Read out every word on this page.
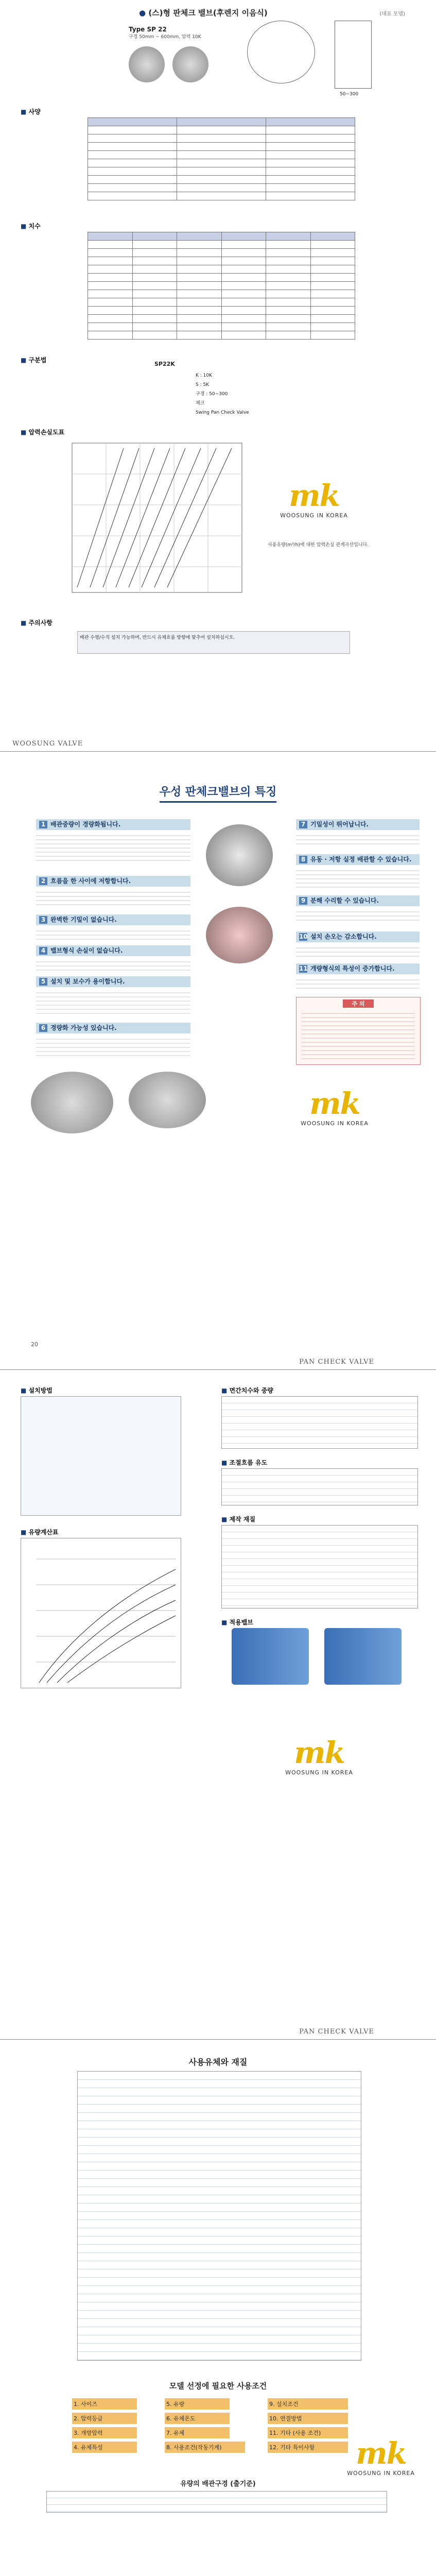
● (스)형 판체크 밸브(후렌지 이음식)	(대표 모델)
Type SP 22
구경 50mm ~ 600mm, 압력 10K
50~300
■ 사양

■ 치수

■ 구분법
SP22K
K : 10K
S : 5K
구경 : 50~300
체크
Swing Pan Check Valve
■ 압력손실도표
mk
WOOSUNG IN KOREA
사용유량(m³/h)에 대한 압력손실 관계곡선입니다.
■ 주의사항
배관 수평/수직 설치 가능하며, 반드시 유체흐름 방향에 맞추어 설치하십시오.
WOOSUNG VALVE
우성 판체크밸브의 특징
1 배관중량이 경량화됩니다.
2 흐름을 한 사이에 저항합니다.
3 완벽한 기밀이 없습니다.
4 밸브형식 손실이 없습니다.
5 설치 및 보수가 용이합니다.
6 경량화 가능성 있습니다.
7 기밀성이 뛰어납니다.
8 유동 · 저항 실정 배관할 수 있습니다.
9 분해 수리할 수 있습니다.
10 설치 손오는 감소합니다.
11 개량형식의 특성이 증가합니다.
주 의
mk
WOOSUNG IN KOREA
20
PAN CHECK VALVE
■ 설치방법
■ 유량계산표
■ 면간치수와 중량
■ 조절흐름 유도
■ 제작 재질
■ 적용밸브
mk
WOOSUNG IN KOREA
PAN CHECK VALVE
사용유체와 재질
모델 선정에 필요한 사용조건
1. 사이즈
2. 압력등급
3. 개방압력
4. 유체특성
5. 유량
6. 유체온도
7. 유체
8. 사용조건(작동기계)
9. 설치조건
10. 연결방법
11. 기타 (사용 조건)
12. 기타 특이사항	mk
WOOSUNG IN KOREA
유량의 배관구경 (출기준)
